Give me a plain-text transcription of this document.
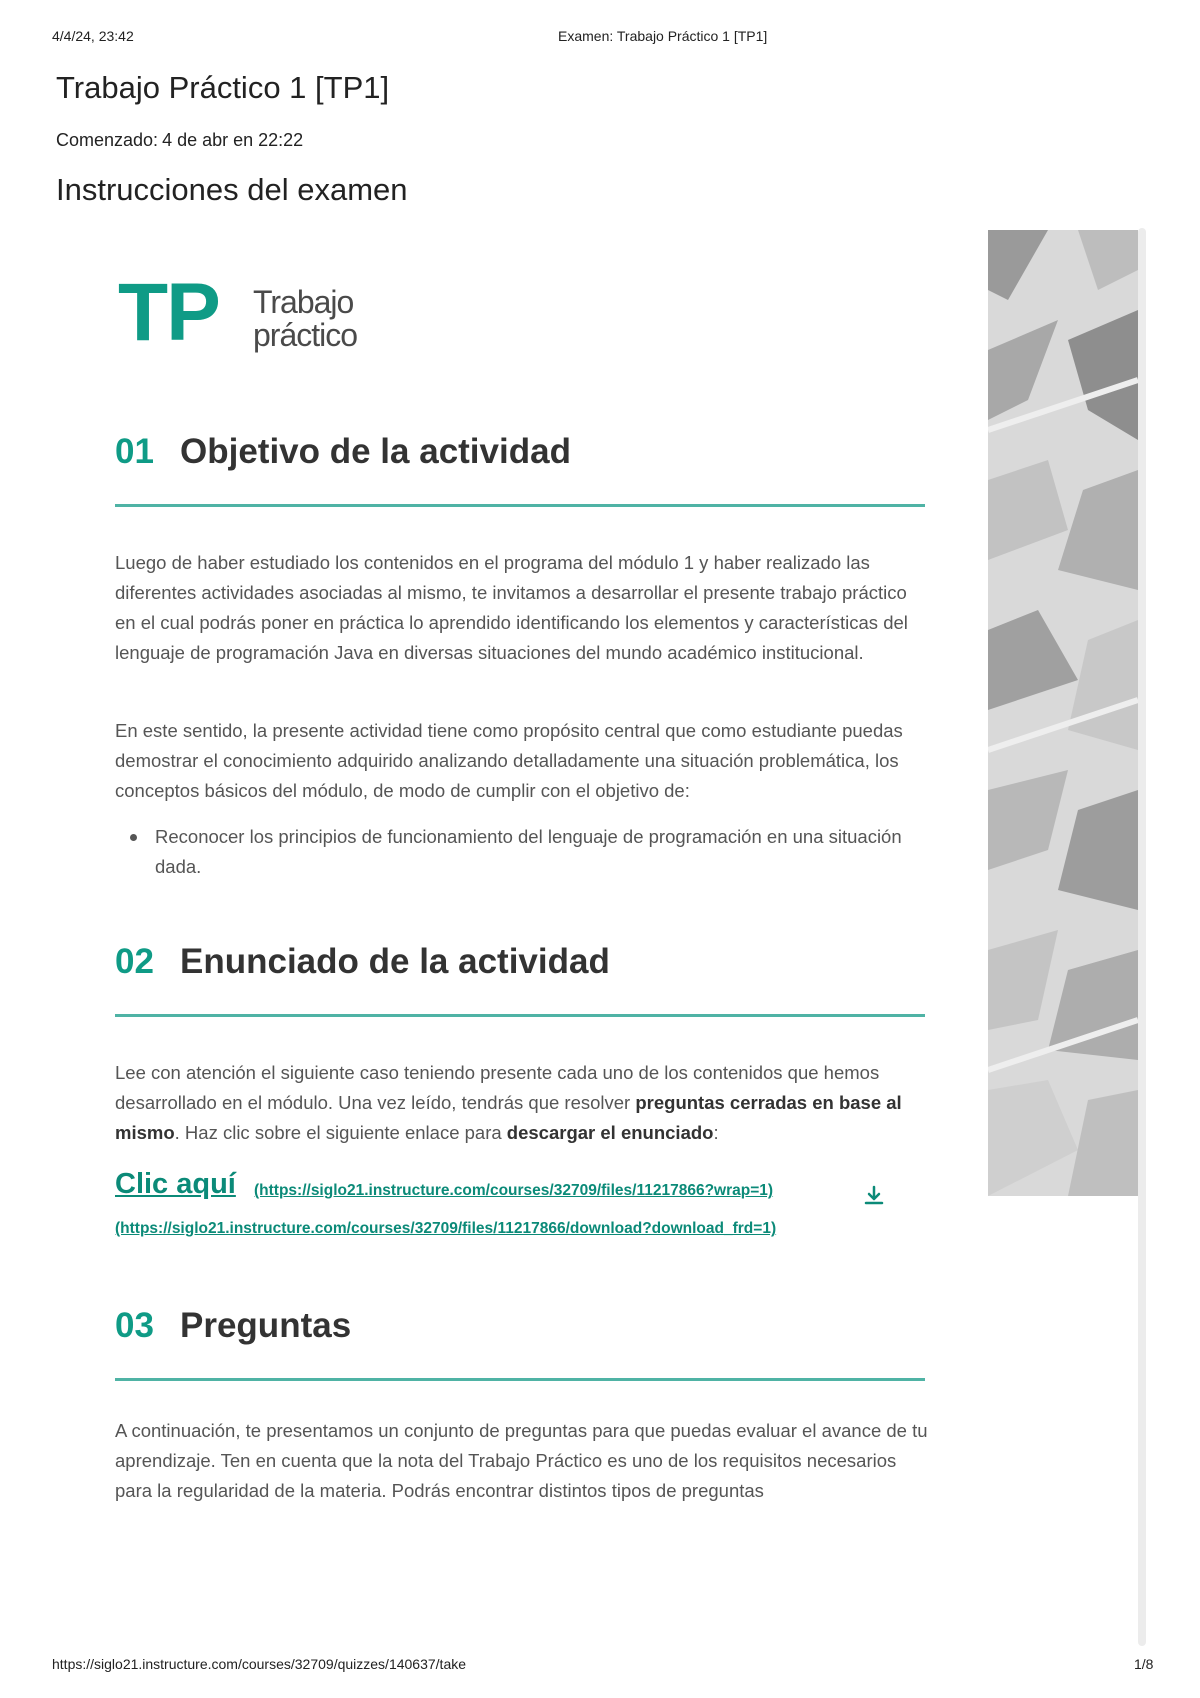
4/4/24, 23:42	Examen: Trabajo Práctico 1 [TP1]
Trabajo Práctico 1 [TP1]
Comenzado: 4 de abr en 22:22
Instrucciones del examen
TP Trabajo
práctico
01 Objetivo de la actividad

Luego de haber estudiado los contenidos en el programa del módulo 1 y haber realizado las diferentes actividades asociadas al mismo, te invitamos a desarrollar el presente trabajo práctico en el cual podrás poner en práctica lo aprendido identificando los elementos y características del lenguaje de programación Java en diversas situaciones del mundo académico institucional.

En este sentido, la presente actividad tiene como propósito central que como estudiante puedas demostrar el conocimiento adquirido analizando detalladamente una situación problemática, los conceptos básicos del módulo, de modo de cumplir con el objetivo de:

Reconocer los principios de funcionamiento del lenguaje de programación en una situación dada.
02 Enunciado de la actividad

Lee con atención el siguiente caso teniendo presente cada uno de los contenidos que hemos desarrollado en el módulo. Una vez leído, tendrás que resolver preguntas cerradas en base al mismo. Haz clic sobre el siguiente enlace para descargar el enunciado:

Clic aquí (https://siglo21.instructure.com/courses/32709/files/11217866?wrap=1)
(https://siglo21.instructure.com/courses/32709/files/11217866/download?download_frd=1)
03 Preguntas

A continuación, te presentamos un conjunto de preguntas para que puedas evaluar el avance de tu aprendizaje. Ten en cuenta que la nota del Trabajo Práctico es uno de los requisitos necesarios para la regularidad de la materia. Podrás encontrar distintos tipos de preguntas

https://siglo21.instructure.com/courses/32709/quizzes/140637/take	1/8
